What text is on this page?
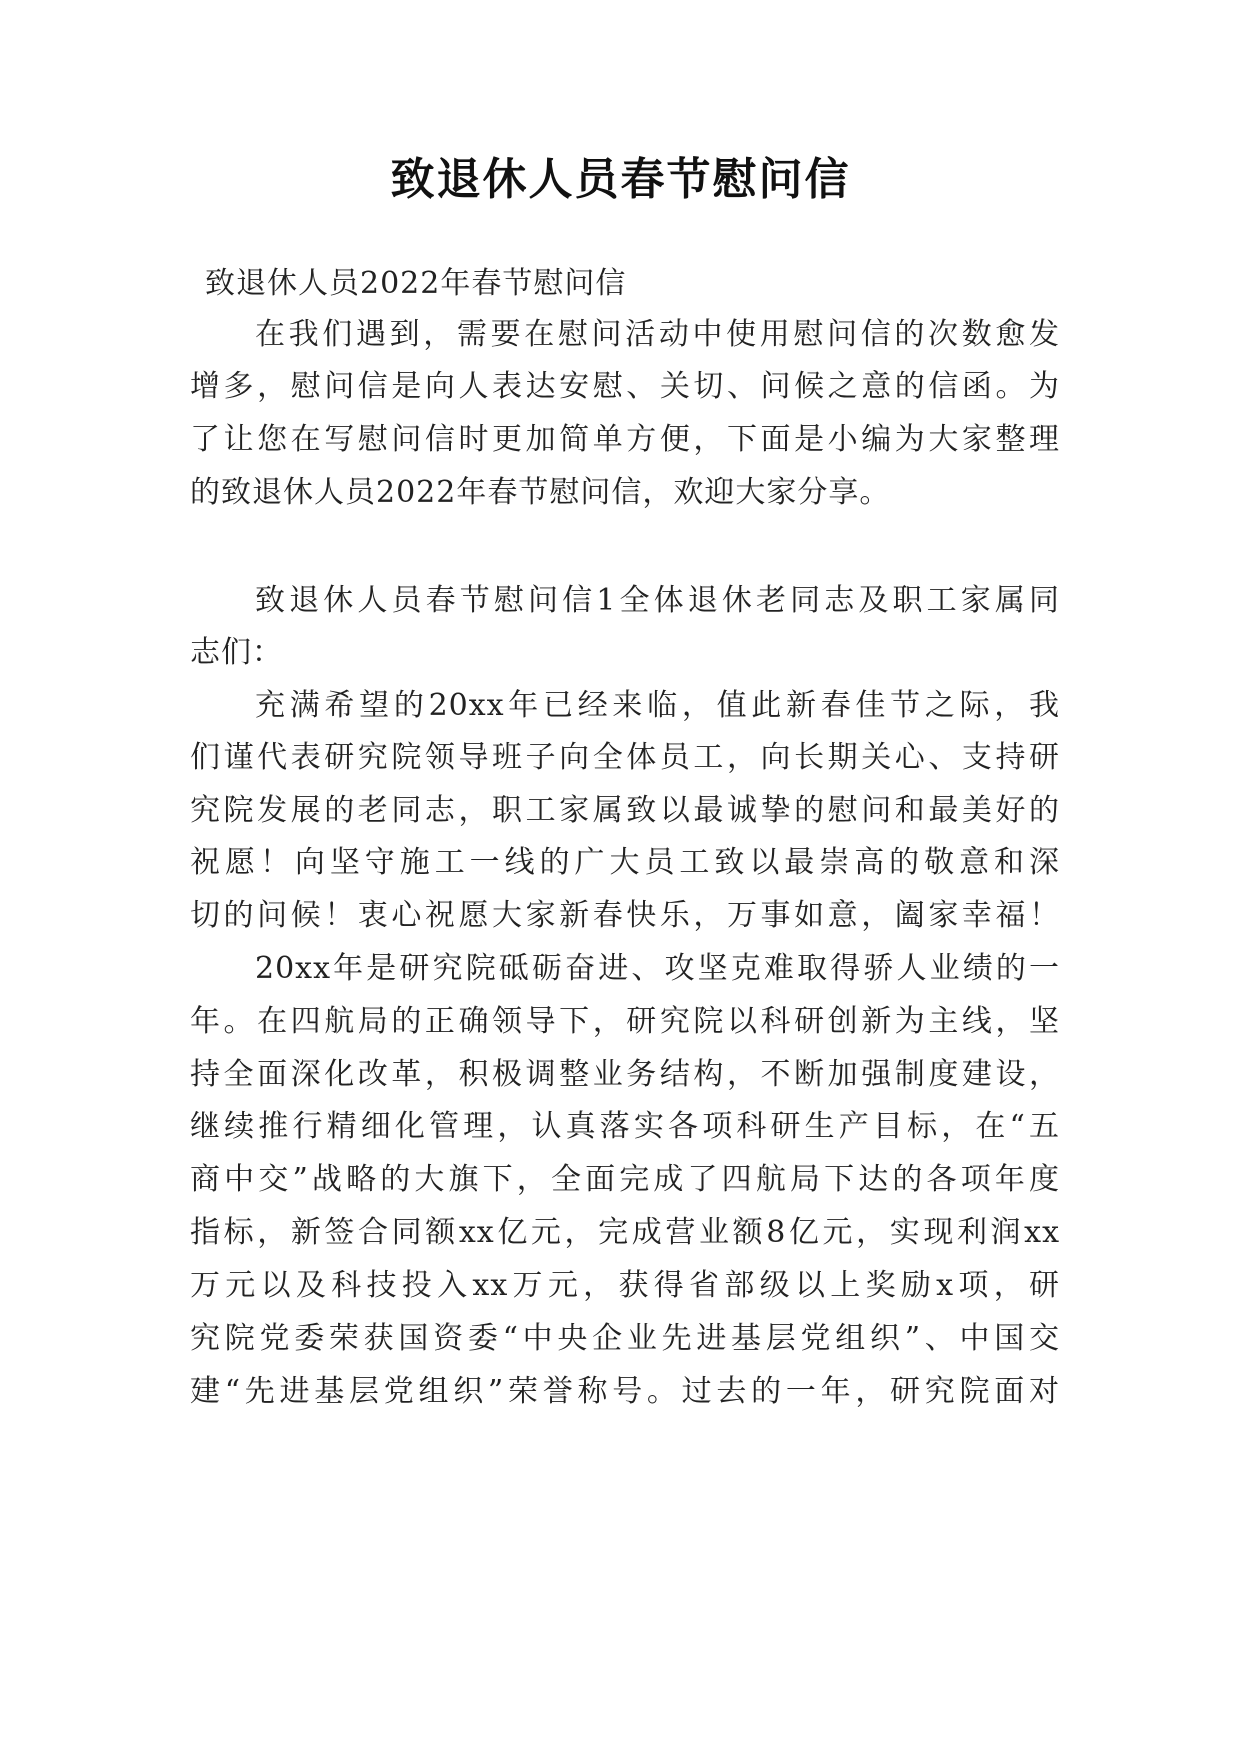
致退休人员春节慰问信
致退休人员2022年春节慰问信
在我们遇到，需要在慰问活动中使用慰问信的次数愈发
增多，慰问信是向人表达安慰、关切、问候之意的信函。为
了让您在写慰问信时更加简单方便，下面是小编为大家整理
的致退休人员2022年春节慰问信，欢迎大家分享。
致退休人员春节慰问信1全体退休老同志及职工家属同
志们：
充满希望的20xx年已经来临，值此新春佳节之际，我
们谨代表研究院领导班子向全体员工，向长期关心、支持研
究院发展的老同志，职工家属致以最诚挚的慰问和最美好的
祝愿！向坚守施工一线的广大员工致以最崇高的敬意和深
切的问候！衷心祝愿大家新春快乐，万事如意，阖家幸福！
20xx年是研究院砥砺奋进、攻坚克难取得骄人业绩的一
年。在四航局的正确领导下，研究院以科研创新为主线，坚
持全面深化改革，积极调整业务结构，不断加强制度建设，
继续推行精细化管理，认真落实各项科研生产目标，在“五
商中交”战略的大旗下，全面完成了四航局下达的各项年度
指标，新签合同额xx亿元，完成营业额8亿元，实现利润xx
万元以及科技投入xx万元，获得省部级以上奖励x项，研
究院党委荣获国资委“中央企业先进基层党组织”、中国交
建“先进基层党组织”荣誉称号。过去的一年，研究院面对
